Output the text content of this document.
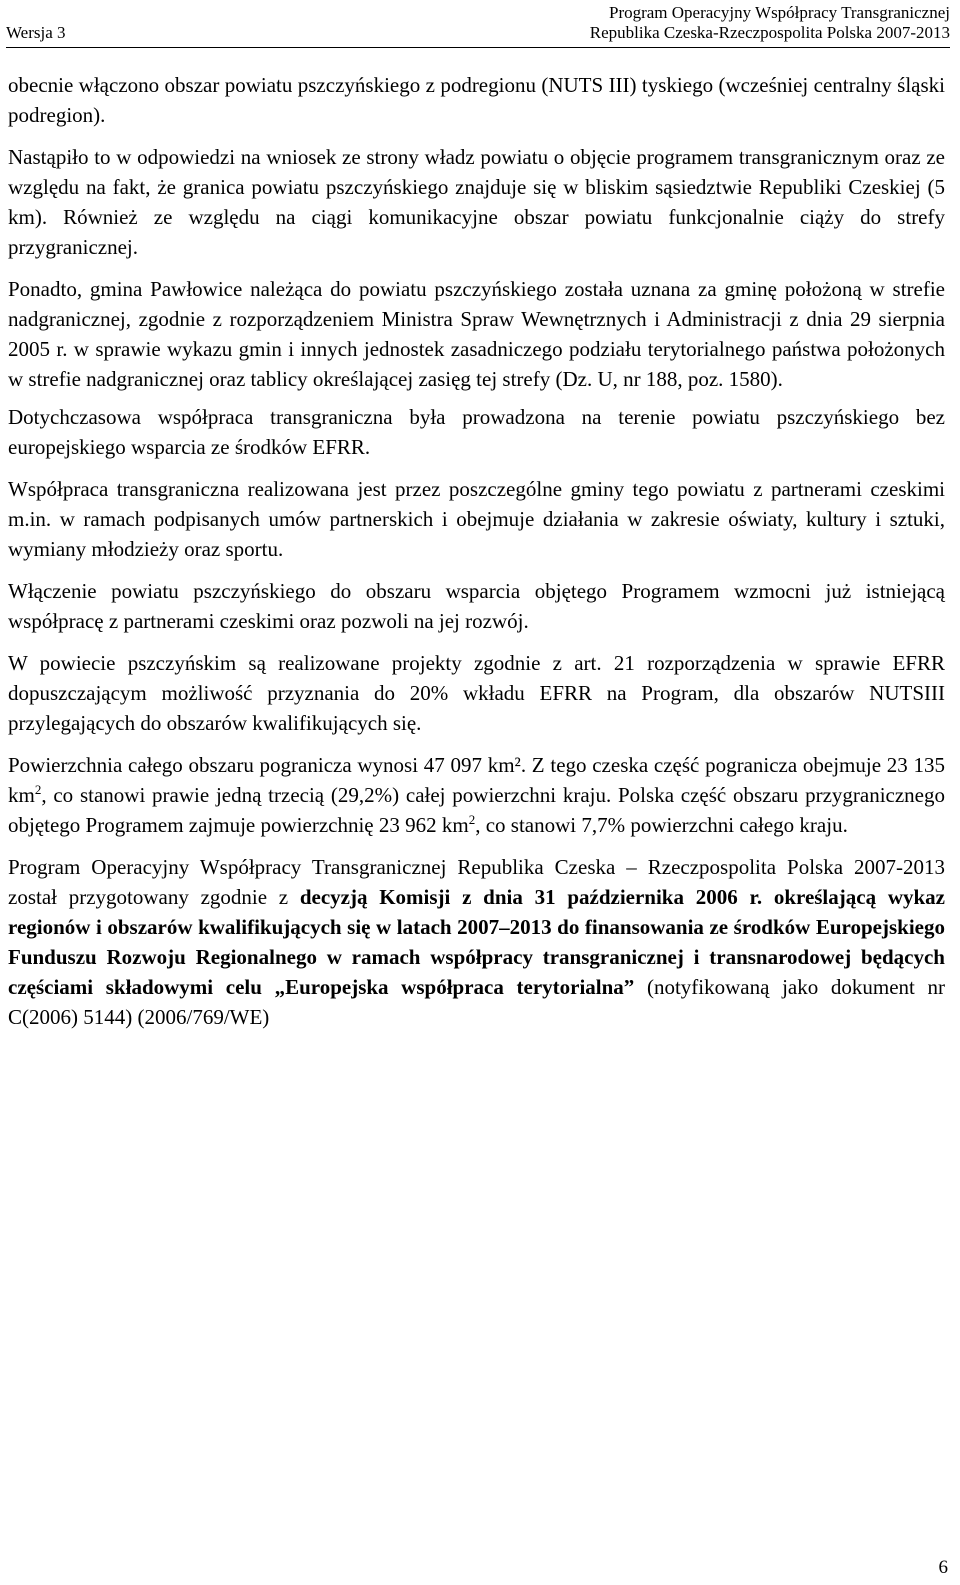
Wersja 3
Program Operacyjny Współpracy Transgranicznej
Republika Czeska-Rzeczpospolita Polska 2007-2013

obecnie włączono obszar powiatu pszczyńskiego z podregionu (NUTS III) tyskiego (wcześniej centralny śląski podregion).

Nastąpiło to w odpowiedzi na wniosek ze strony władz powiatu o objęcie programem transgranicznym oraz ze względu na fakt, że granica powiatu pszczyńskiego znajduje się w bliskim sąsiedztwie Republiki Czeskiej (5 km). Również ze względu na ciągi komunikacyjne obszar powiatu funkcjonalnie ciąży do strefy przygranicznej.

Ponadto, gmina Pawłowice należąca do powiatu pszczyńskiego została uznana za gminę położoną w strefie nadgranicznej, zgodnie z rozporządzeniem Ministra Spraw Wewnętrznych i Administracji z dnia 29 sierpnia 2005 r. w sprawie wykazu gmin i innych jednostek zasadniczego podziału terytorialnego państwa położonych w strefie nadgranicznej oraz tablicy określającej zasięg tej strefy (Dz. U, nr 188, poz. 1580).

Dotychczasowa współpraca transgraniczna była prowadzona na terenie powiatu pszczyńskiego bez europejskiego wsparcia ze środków EFRR.

Współpraca transgraniczna realizowana jest przez poszczególne gminy tego powiatu z partnerami czeskimi m.in. w ramach podpisanych umów partnerskich i obejmuje działania w zakresie oświaty, kultury i sztuki, wymiany młodzieży oraz sportu.

Włączenie powiatu pszczyńskiego do obszaru wsparcia objętego Programem wzmocni już istniejącą współpracę z partnerami czeskimi oraz pozwoli na jej rozwój.

W powiecie pszczyńskim są realizowane projekty zgodnie z art. 21 rozporządzenia w sprawie EFRR dopuszczającym możliwość przyznania do 20% wkładu EFRR na Program, dla obszarów NUTSIII przylegających do obszarów kwalifikujących się.

Powierzchnia całego obszaru pogranicza wynosi 47 097 km². Z tego czeska część pogranicza obejmuje 23 135 $km^2$, co stanowi prawie jedną trzecią (29,2%) całej powierzchni kraju. Polska część obszaru przygranicznego objętego Programem zajmuje powierzchnię 23 962 $km^2$, co stanowi 7,7% powierzchni całego kraju.

Program Operacyjny Współpracy Transgranicznej Republika Czeska – Rzeczpospolita Polska 2007-2013 został przygotowany zgodnie z decyzją Komisji z dnia 31 października 2006 r. określającą wykaz regionów i obszarów kwalifikujących się w latach 2007–2013 do finansowania ze środków Europejskiego Funduszu Rozwoju Regionalnego w ramach współpracy transgranicznej i transnarodowej będących częściami składowymi celu „Europejska współpraca terytorialna” (notyfikowaną jako dokument nr C(2006) 5144) (2006/769/WE)

6
